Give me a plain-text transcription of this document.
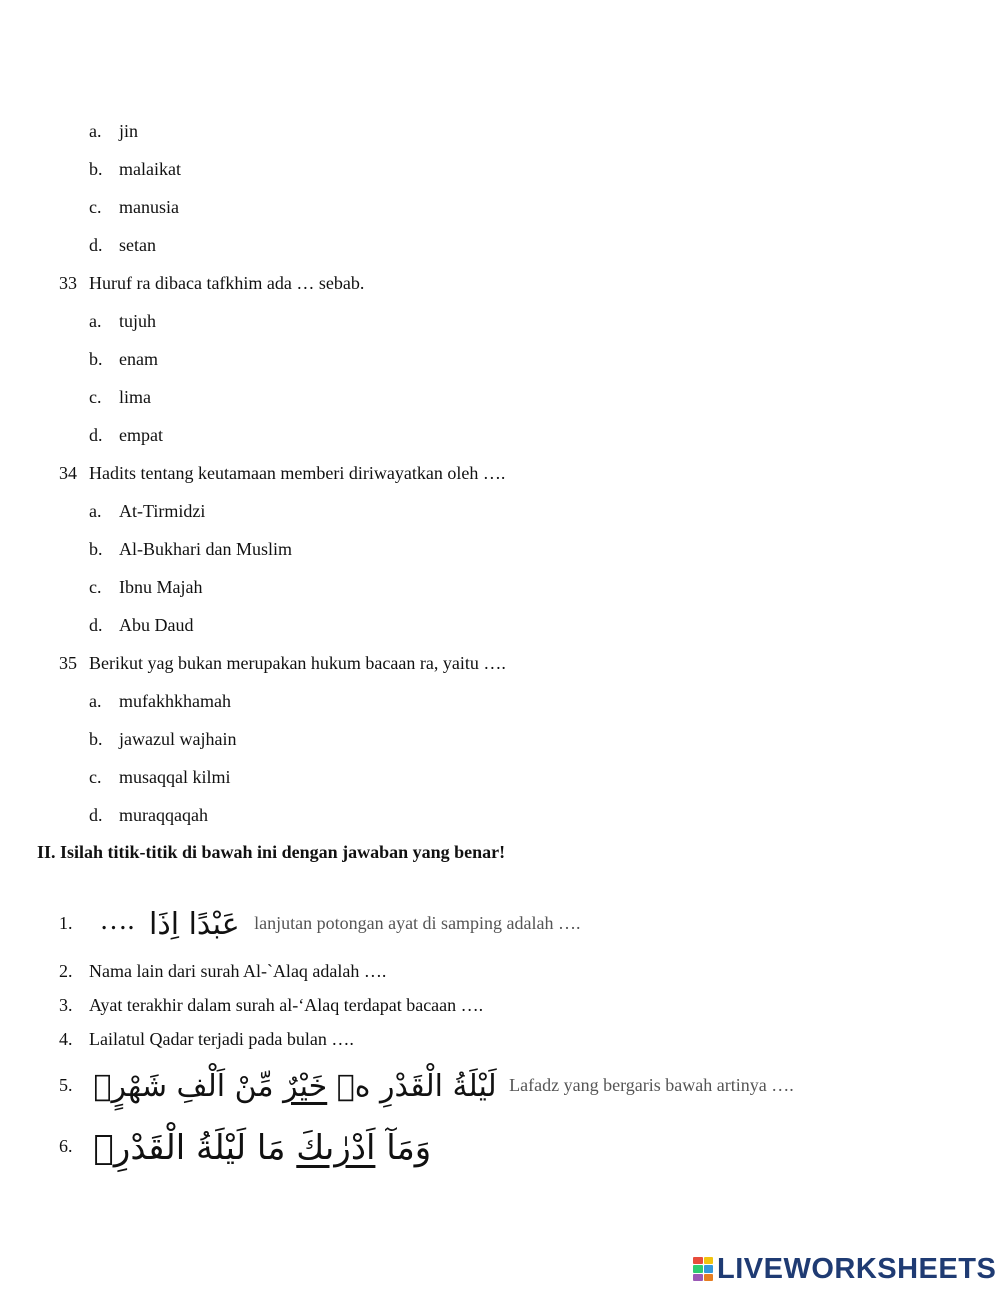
a. jin
b. malaikat
c. manusia
d. setan
33 Huruf ra dibaca tafkhim ada … sebab.
a. tujuh
b. enam
c. lima
d. empat
34 Hadits tentang keutamaan memberi diriwayatkan oleh ….
a. At-Tirmidzi
b. Al-Bukhari dan Muslim
c. Ibnu Majah
d. Abu Daud
35 Berikut yag bukan merupakan hukum bacaan ra, yaitu ….
a. mufakhkhamah
b. jawazul wajhain
c. musaqqal kilmi
d. muraqqaqah
II. Isilah titik-titik di bawah ini dengan jawaban yang benar!
1. …. عَبْدًا اِذَا lanjutan potongan ayat di samping adalah ….
2. Nama lain dari surah Al-`Alaq adalah ….
3. Ayat terakhir dalam surah al-‘Alaq terdapat bacaan ….
4. Lailatul Qadar terjadi pada bulan ….
5.	لَيْلَةُ الْقَدْرِ ەۙ خَيْرٌ مِّنْ اَلْفِ شَهْرٍۗ	Lafadz yang bergaris bawah artinya ….
6.	وَمَآ اَدْرٰىكَ مَا لَيْلَةُ الْقَدْرِۗ
LIVEWORKSHEETS
